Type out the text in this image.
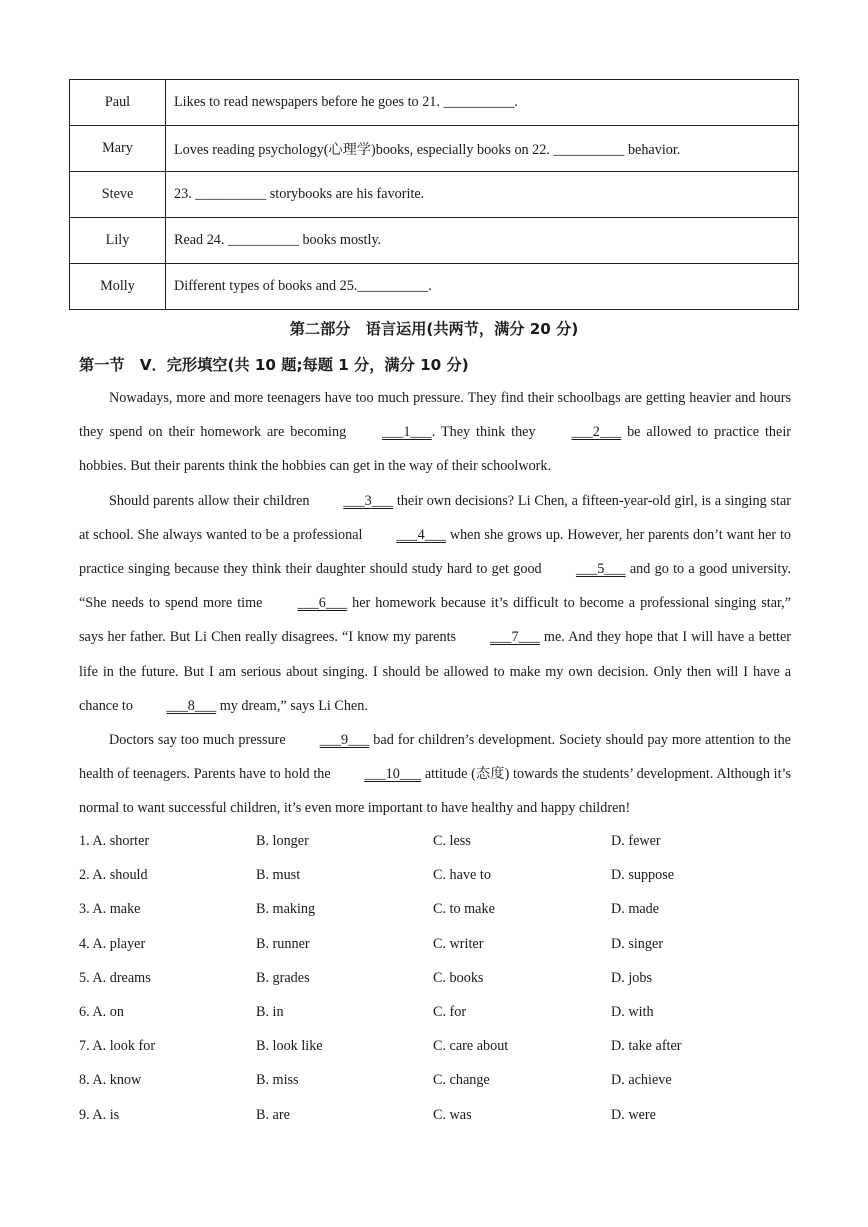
Paul	Likes to read newspapers before he goes to 21. __________.
Mary	Loves reading psychology(心理学)books, especially books on 22. __________ behavior.
Steve	23. __________ storybooks are his favorite.
Lily	Read 24. __________ books mostly.
Molly	Different types of books and 25.__________.
第二部分　语言运用(共两节，满分 20 分)
第一节　V．完形填空(共 10 题;每题 1 分，满分 10 分)

Nowadays, more and more teenagers have too much pressure. They find their schoolbags are getting heavier and hours they spend on their homework are becoming ___1___. They think they ___2___ be allowed to practice their hobbies. But their parents think the hobbies can get in the way of their schoolwork.

Should parents allow their children ___3___ their own decisions? Li Chen, a fifteen-year-old girl, is a singing star at school. She always wanted to be a professional ___4___ when she grows up. However, her parents don’t want her to practice singing because they think their daughter should study hard to get good ___5___ and go to a good university. “She needs to spend more time ___6___ her homework because it’s difficult to become a professional singing star,” says her father. But Li Chen really disagrees. “I know my parents ___7___ me. And they hope that I will have a better life in the future. But I am serious about singing. I should be allowed to make my own decision. Only then will I have a chance to ___8___ my dream,” says Li Chen.

Doctors say too much pressure ___9___ bad for children’s development. Society should pay more attention to the health of teenagers. Parents have to hold the ___10___ attitude (态度) towards the students’ development. Although it’s normal to want successful children, it’s even more important to have healthy and happy children!

1. A. shorter	B. longer	C. less	D. fewer
2. A. should	B. must	C. have to	D. suppose
3. A. make	B. making	C. to make	D. made
4. A. player	B. runner	C. writer	D. singer
5. A. dreams	B. grades	C. books	D. jobs
6. A. on	B. in	C. for	D. with
7. A. look for	B. look like	C. care about	D. take after
8. A. know	B. miss	C. change	D. achieve
9. A. is	B. are	C. was	D. were
